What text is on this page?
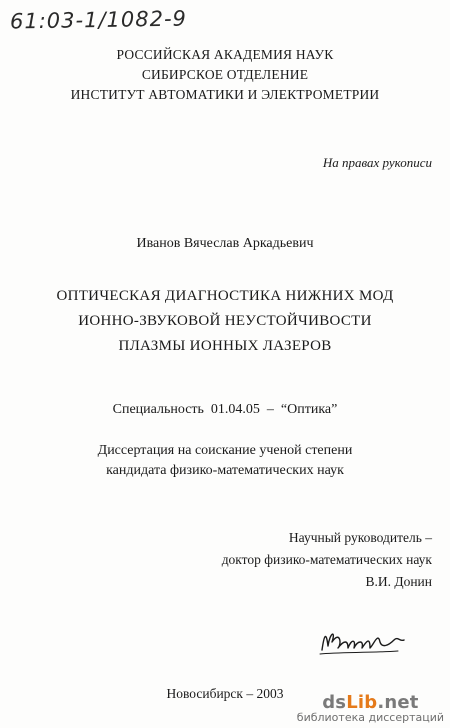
61:03-1/1082-9
РОССИЙСКАЯ АКАДЕМИЯ НАУК
СИБИРСКОЕ ОТДЕЛЕНИЕ
ИНСТИТУТ АВТОМАТИКИ И ЭЛЕКТРОМЕТРИИ
На правах рукописи
Иванов Вячеслав Аркадьевич
ОПТИЧЕСКАЯ ДИАГНОСТИКА НИЖНИХ МОД
ИОННО-ЗВУКОВОЙ НЕУСТОЙЧИВОСТИ
ПЛАЗМЫ ИОННЫХ ЛАЗЕРОВ
Специальность  01.04.05  –  “Оптика”
Диссертация на соискание ученой степени
кандидата физико-математических наук
Научный руководитель –
доктор физико-математических наук
В.И. Донин
Новосибирск – 2003	dsLib.net
библиотека диссертаций
